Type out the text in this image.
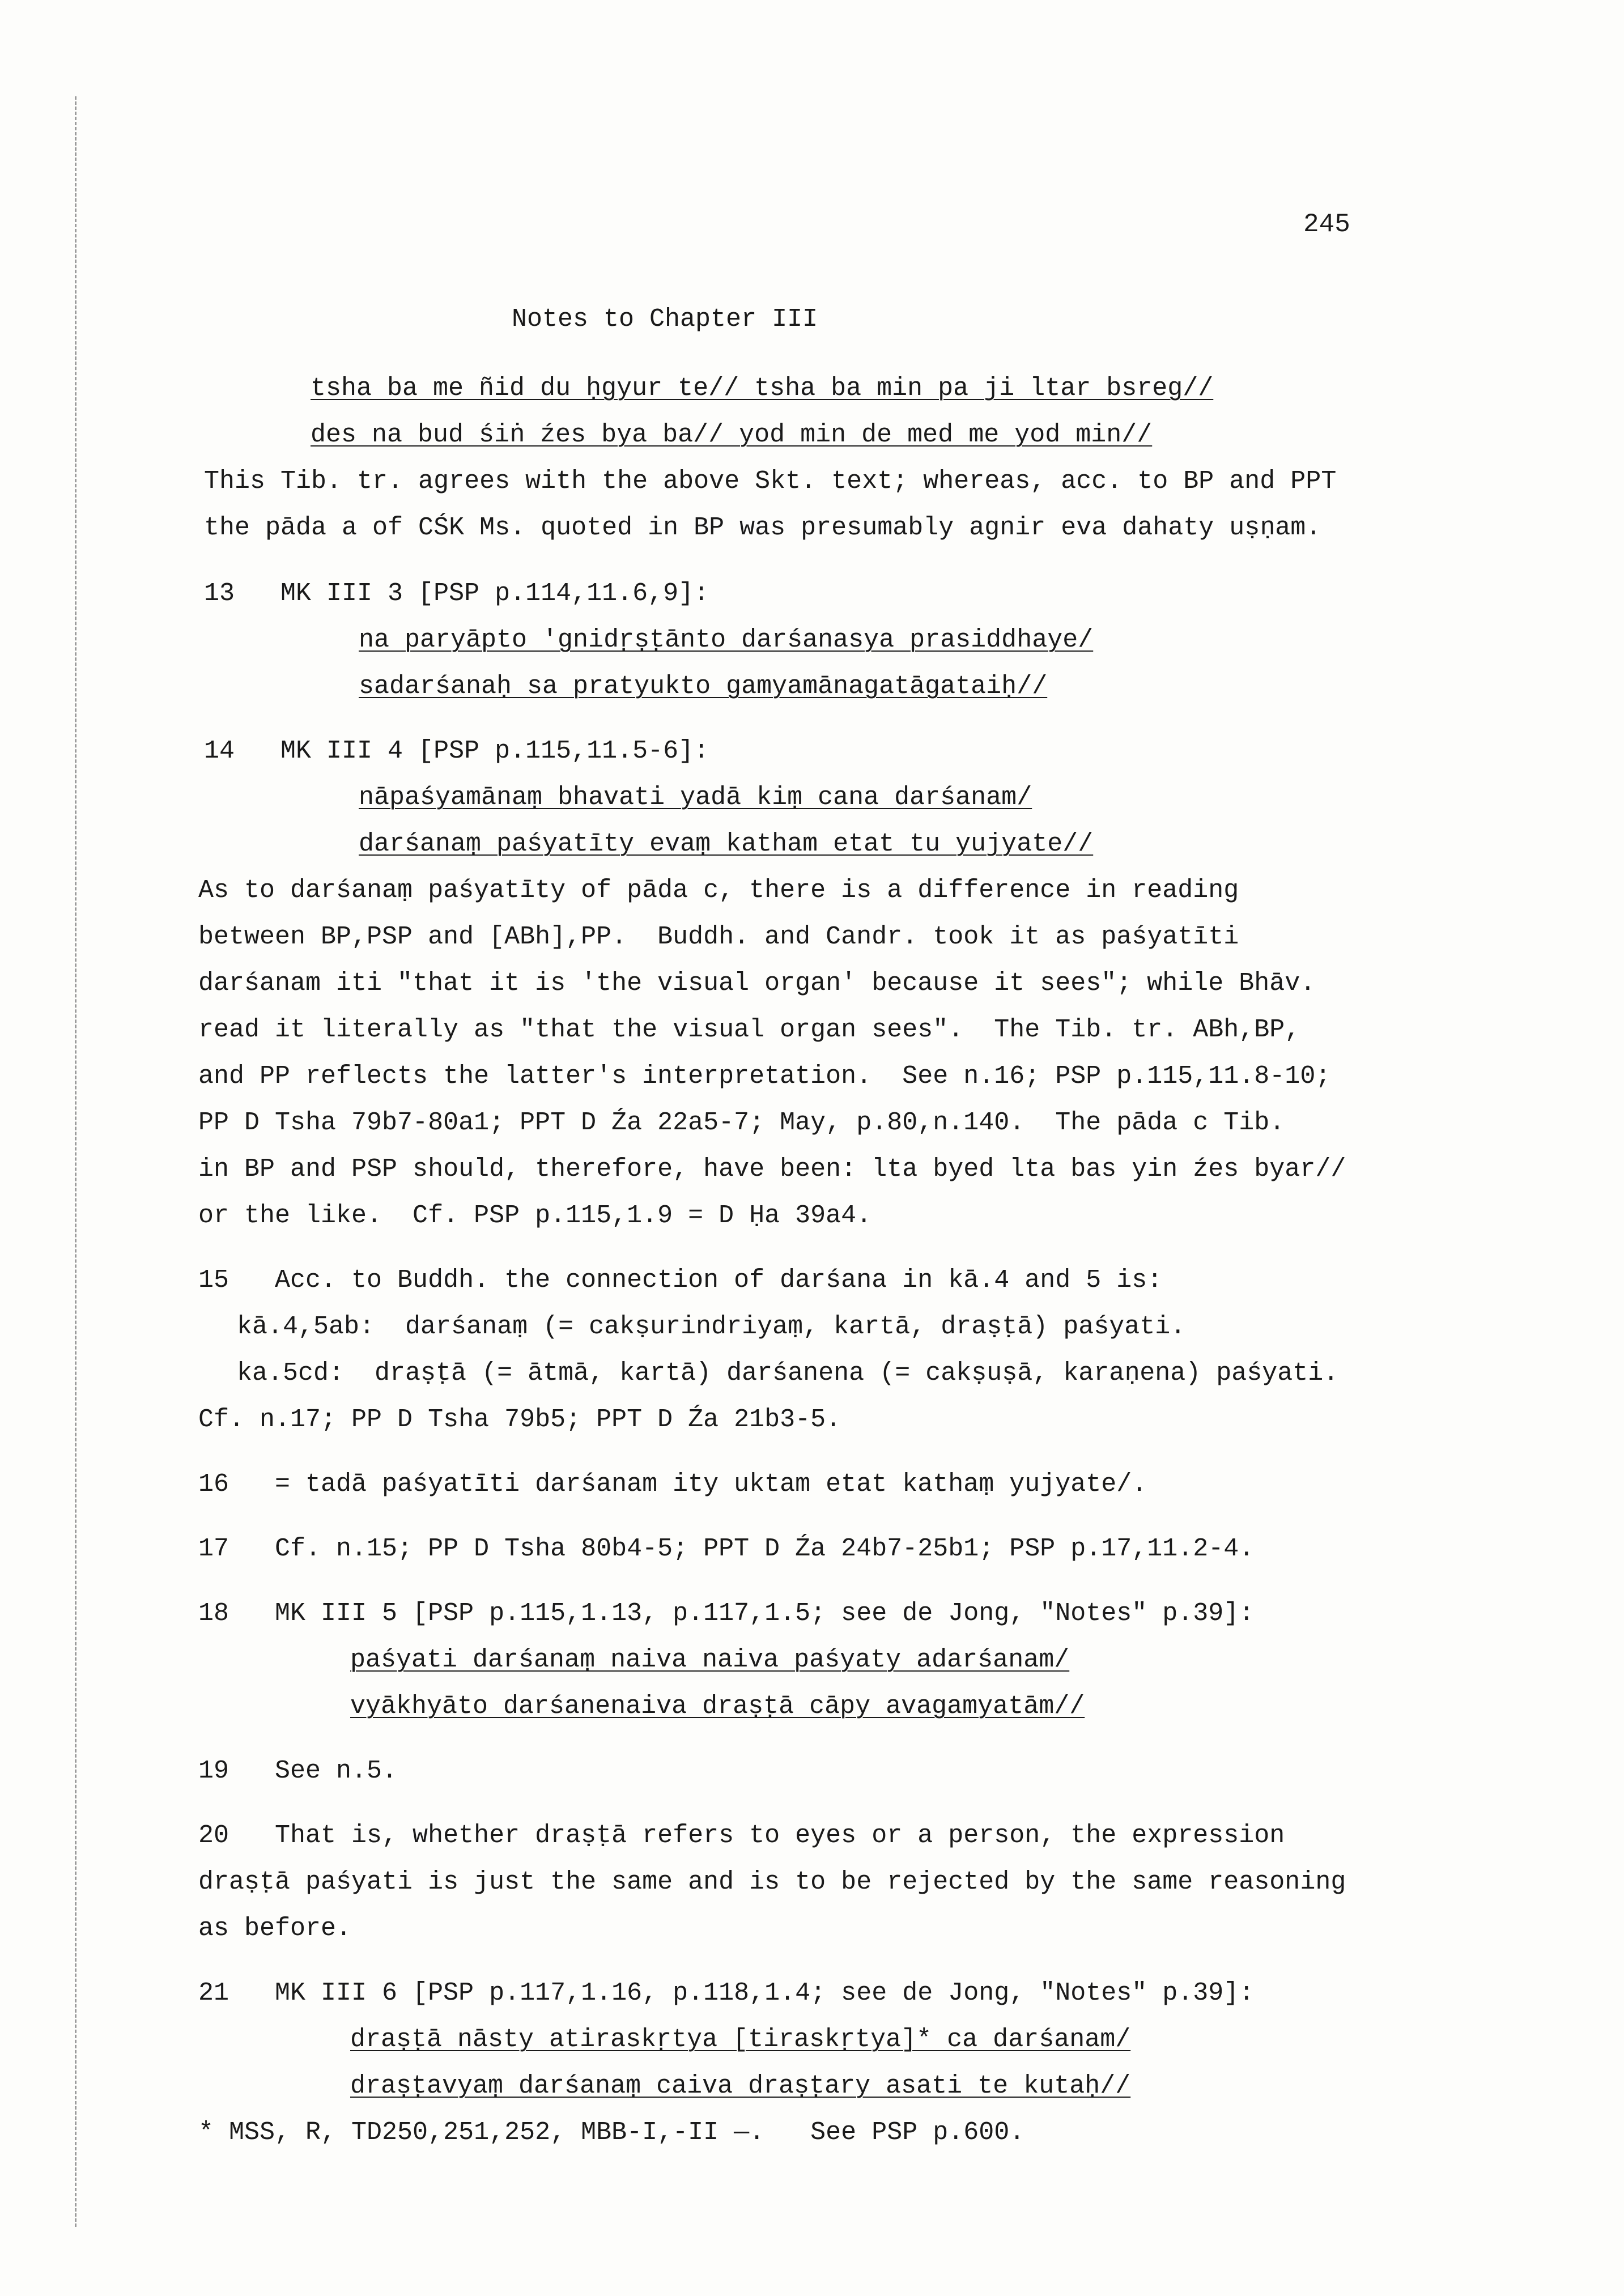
245
Notes to Chapter III
tsha ba me ñid du ḥgyur te// tsha ba min pa ji ltar bsreg//
des na bud śiṅ źes bya ba// yod min de med me yod min//
This Tib. tr. agrees with the above Skt. text; whereas, acc. to BP and PPT
the pāda a of CŚK Ms. quoted in BP was presumably agnir eva dahaty uṣṇam.
13   MK III 3 [PSP p.114,11.6,9]:
na paryāpto 'gnidṛṣṭānto darśanasya prasiddhaye/
sadarśanaḥ sa pratyukto gamyamānagatāgataiḥ//
14   MK III 4 [PSP p.115,11.5-6]:
nāpaśyamānaṃ bhavati yadā kiṃ cana darśanam/
darśanaṃ paśyatīty evaṃ katham etat tu yujyate//
As to darśanaṃ paśyatīty of pāda c, there is a difference in reading
between BP,PSP and [ABh],PP.  Buddh. and Candr. took it as paśyatīti
darśanam iti "that it is 'the visual organ' because it sees"; while Bhāv.
read it literally as "that the visual organ sees".  The Tib. tr. ABh,BP,
and PP reflects the latter's interpretation.  See n.16; PSP p.115,11.8-10;
PP D Tsha 79b7-80a1; PPT D Źa 22a5-7; May, p.80,n.140.  The pāda c Tib.
in BP and PSP should, therefore, have been: lta byed lta bas yin źes byar//
or the like.  Cf. PSP p.115,1.9 = D Ḥa 39a4.
15   Acc. to Buddh. the connection of darśana in kā.4 and 5 is:
kā.4,5ab:  darśanaṃ (= cakṣurindriyaṃ, kartā, draṣṭā) paśyati.
ka.5cd:  draṣṭā (= ātmā, kartā) darśanena (= cakṣuṣā, karaṇena) paśyati.
Cf. n.17; PP D Tsha 79b5; PPT D Źa 21b3-5.
16   = tadā paśyatīti darśanam ity uktam etat kathaṃ yujyate/.
17   Cf. n.15; PP D Tsha 80b4-5; PPT D Źa 24b7-25b1; PSP p.17,11.2-4.
18   MK III 5 [PSP p.115,1.13, p.117,1.5; see de Jong, "Notes" p.39]:
paśyati darśanaṃ naiva naiva paśyaty adarśanam/
vyākhyāto darśanenaiva draṣṭā cāpy avagamyatām//
19   See n.5.
20   That is, whether draṣṭā refers to eyes or a person, the expression
draṣṭā paśyati is just the same and is to be rejected by the same reasoning
as before.
21   MK III 6 [PSP p.117,1.16, p.118,1.4; see de Jong, "Notes" p.39]:
draṣṭā nāsty atiraskṛtya [tiraskṛtya]* ca darśanam/
draṣṭavyaṃ darśanaṃ caiva draṣṭary asati te kutaḥ//
* MSS, R, TD250,251,252, MBB-I,-II —.   See PSP p.600.
